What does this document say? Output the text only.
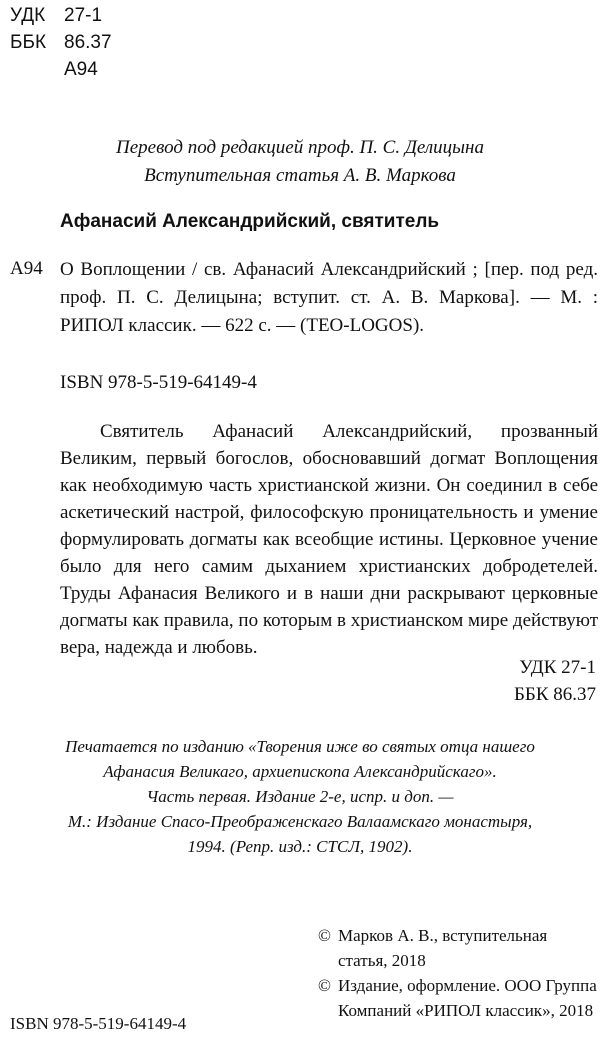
УДК 27-1
ББК 86.37
А94
Перевод под редакцией проф. П. С. Делицына
Вступительная статья А. В. Маркова
Афанасий Александрийский, святитель
А94 О Воплощении / св. Афанасий Александрийский ; [пер. под ред. проф. П. С. Делицына; вступит. ст. А. В. Маркова]. — М. : РИПОЛ классик. — 622 с. — (TEO-LOGOS).
ISBN 978-5-519-64149-4
Святитель Афанасий Александрийский, прозванный Великим, первый богослов, обосновавший догмат Воплощения как необходимую часть христианской жизни. Он соединил в себе аскетический настрой, философскую проницательность и умение формулировать догматы как всеобщие истины. Церковное учение было для него самим дыханием христианских добродетелей. Труды Афанасия Великого и в наши дни раскрывают церковные догматы как правила, по которым в христианском мире действуют вера, надежда и любовь.
УДК 27-1
ББК 86.37
Печатается по изданию «Творения иже во святых отца нашего
Афанасия Великаго, архиепископа Александрийскаго».
Часть первая. Издание 2-е, испр. и доп. —
М.: Издание Спасо-Преображенскаго Валаамскаго монастыря,
1994. (Репр. изд.: СТСЛ, 1902).
© Марков А. В., вступительная статья, 2018
© Издание, оформление. ООО Группа Компаний «РИПОЛ классик», 2018
ISBN 978-5-519-64149-4
